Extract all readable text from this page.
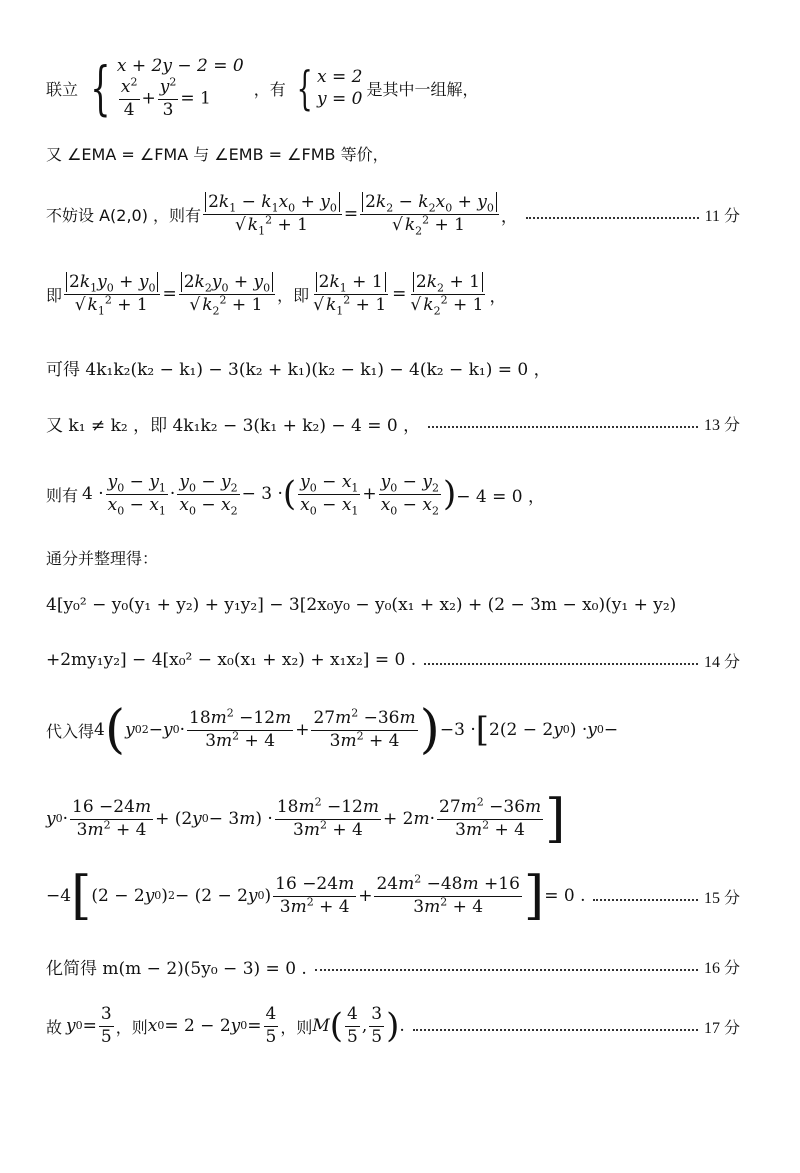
联立 { x + 2y − 2 = 0
$\frac{x^2}{4} + \frac{y^2}{3} = 1$	，有 { x = 2
y = 0 是其中一组解，
又 ∠EMA = ∠FMA 与 ∠EMB = ∠FMB 等价，
不妨设 A(2,0) ，则有 $\frac{2k_1 - k_1x_0 + y_0}{√ k_1^2 + 1} = \frac{2k_2 - k_2x_0 + y_0}{√ k_2^2 + 1}$ ，	11 分
即 $\frac{2k_1y_0 + y_0}{√ k_1^2 + 1} = \frac{2k_2y_0 + y_0}{√ k_2^2 + 1}$ ，即 $\frac{2k_1 + 1}{√ k_1^2 + 1} = \frac{2k_2 + 1}{√ k_2^2 + 1}$ ，
可得 4k₁k₂(k₂ − k₁) − 3(k₂ + k₁)(k₂ − k₁) − 4(k₂ − k₁) = 0 ，
又 k₁ ≠ k₂ ，即 4k₁k₂ − 3(k₁ + k₂) − 4 = 0 ，	13 分
则有 $4 \cdot \frac{y_0 - y_1}{x_0 - x_1} \cdot \frac{y_0 - y_2}{x_0 - x_2} - 3$ · ( $\frac{y_0 - x_1}{x_0 - x_1} + \frac{y_0 - y_2}{x_0 - x_2}$ ) − 4 = 0 ，
通分并整理得：
4[y₀² − y₀(y₁ + y₂) + y₁y₂] − 3[2x₀y₀ − y₀(x₁ + x₂) + (2 − 3m − x₀)(y₁ + y₂)
+2my₁y₂] − 4[x₀² − x₀(x₁ + x₂) + x₁x₂] = 0 .	14 分
代入得 4 ( y 0 2 − y $0 \cdot \frac{18m^2 -12m}{3m^2 + 4} + \frac{27m^2 -36m}{3m^2 + 4}$ ) −3 · [ 2(2 − 2 y 0 ) · y 0 −
y $0 \cdot \frac{16 -24m}{3m^2 + 4} + (2$ y 0 − 3 m ) · $\frac{18m^2 -12m}{3m^2 + 4} + 2$ $m \cdot \frac{27m^2 -36m}{3m^2 + 4}$ ]
−4 [ (2 − 2 y 0 ) 2 − (2 − 2 y 0 ) $\frac{16 -24m}{3m^2 + 4} + \frac{24m^2 -48m +16}{3m^2 + 4}$ ] = 0 .	15 分
化简得 m(m − 2)(5y₀ − 3) = 0 .	16 分
故 y $0 = \frac{3}{5}$ ，则 x 0 = 2 − 2 y $0 = \frac{4}{5}$ ，则 M ( $\frac{4}{5}$ , $\frac{3}{5}$ ) .	17 分
